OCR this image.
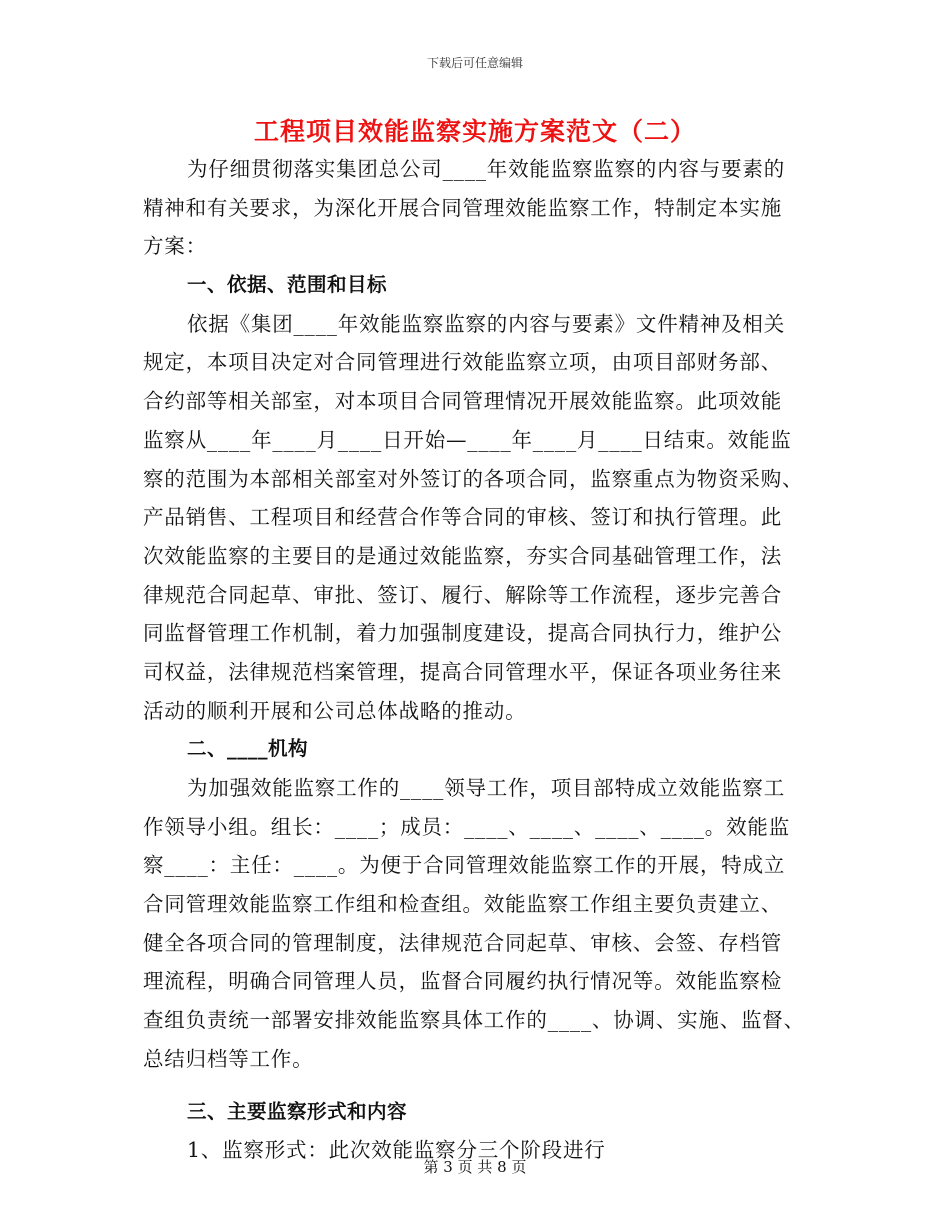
下载后可任意编辑
工程项目效能监察实施方案范文（二）
为仔细贯彻落实集团总公司____年效能监察监察的内容与要素的
精神和有关要求，为深化开展合同管理效能监察工作，特制定本实施
方案：
一、依据、范围和目标
依据《集团____年效能监察监察的内容与要素》文件精神及相关
规定，本项目决定对合同管理进行效能监察立项，由项目部财务部、
合约部等相关部室，对本项目合同管理情况开展效能监察。此项效能
监察从____年____月____日开始—____年____月____日结束。效能监
察的范围为本部相关部室对外签订的各项合同，监察重点为物资采购、
产品销售、工程项目和经营合作等合同的审核、签订和执行管理。此
次效能监察的主要目的是通过效能监察，夯实合同基础管理工作，法
律规范合同起草、审批、签订、履行、解除等工作流程，逐步完善合
同监督管理工作机制，着力加强制度建设，提高合同执行力，维护公
司权益，法律规范档案管理，提高合同管理水平，保证各项业务往来
活动的顺利开展和公司总体战略的推动。
二、____机构
为加强效能监察工作的____领导工作，项目部特成立效能监察工
作领导小组。组长：____；成员：____、____、____、____。效能监
察____：主任：____。为便于合同管理效能监察工作的开展，特成立
合同管理效能监察工作组和检查组。效能监察工作组主要负责建立、
健全各项合同的管理制度，法律规范合同起草、审核、会签、存档管
理流程，明确合同管理人员，监督合同履约执行情况等。效能监察检
查组负责统一部署安排效能监察具体工作的____、协调、实施、监督、
总结归档等工作。
三、主要监察形式和内容
1、监察形式：此次效能监察分三个阶段进行
第 3 页 共 8 页
